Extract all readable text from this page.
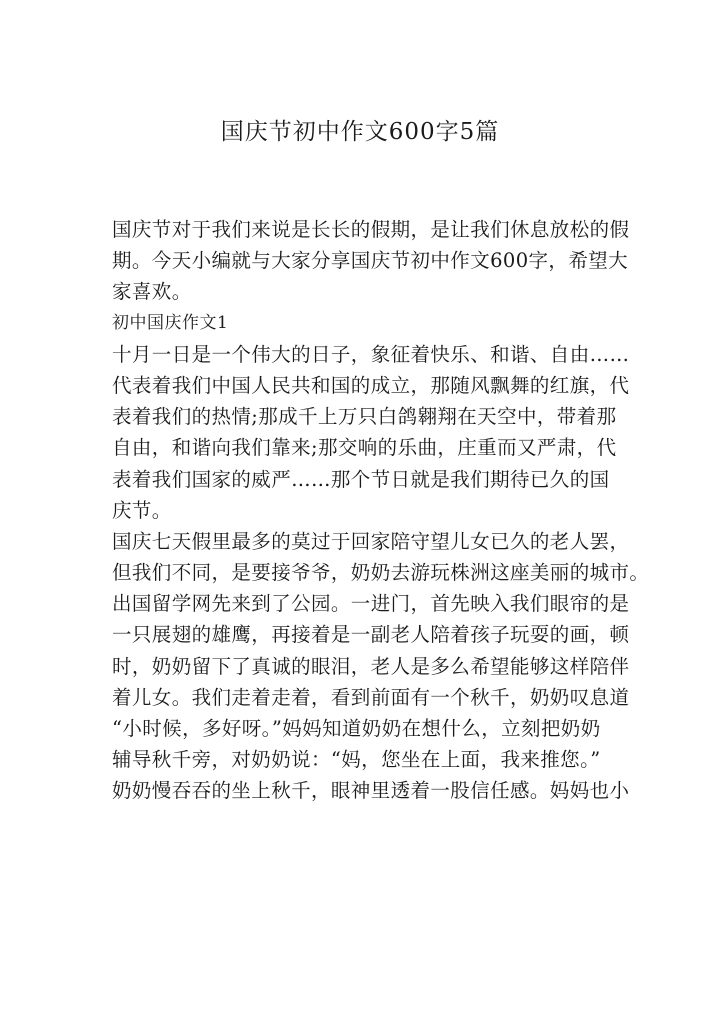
国庆节初中作文600字5篇
国庆节对于我们来说是长长的假期，是让我们休息放松的假
期。今天小编就与大家分享国庆节初中作文600字，希望大
家喜欢。
初中国庆作文1
十月一日是一个伟大的日子，象征着快乐、和谐、自由……
代表着我们中国人民共和国的成立，那随风飘舞的红旗，代
表着我们的热情;那成千上万只白鸽翱翔在天空中，带着那
自由，和谐向我们靠来;那交响的乐曲，庄重而又严肃，代
表着我们国家的威严……那个节日就是我们期待已久的国
庆节。
国庆七天假里最多的莫过于回家陪守望儿女已久的老人罢，
但我们不同，是要接爷爷，奶奶去游玩株洲这座美丽的城市。
出国留学网先来到了公园。一进门，首先映入我们眼帘的是
一只展翅的雄鹰，再接着是一副老人陪着孩子玩耍的画，顿
时，奶奶留下了真诚的眼泪，老人是多么希望能够这样陪伴
着儿女。我们走着走着，看到前面有一个秋千，奶奶叹息道
“小时候，多好呀。”妈妈知道奶奶在想什么，立刻把奶奶
辅导秋千旁，对奶奶说：“妈，您坐在上面，我来推您。”
奶奶慢吞吞的坐上秋千，眼神里透着一股信任感。妈妈也小
